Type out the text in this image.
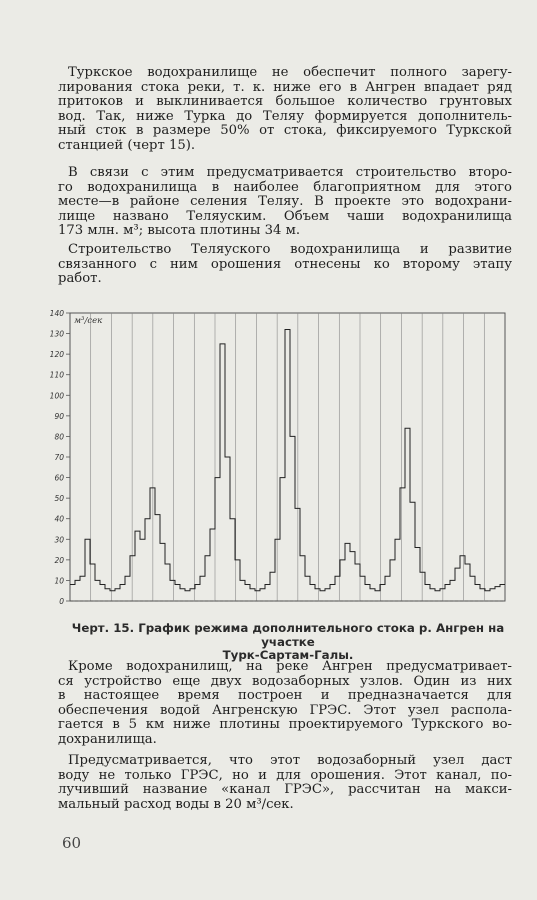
Туркское водохранилище не обеспечит полного зарегу-
лирования стока реки, т. к. ниже его в Ангрен впадает ряд
притоков и выклинивается большое количество грунтовых
вод. Так, ниже Турка до Теляу формируется дополнитель-
ный сток в размере 50% от стока, фиксируемого Туркской
станцией (черт 15).
В связи с этим предусматривается строительство второ-
го водохранилища в наиболее благоприятном для этого
месте—в районе селения Теляу. В проекте это водохрани-
лище названо Теляуским. Объем чаши водохранилища
173 млн. м³; высота плотины 34 м.
Строительство Теляуского водохранилища и развитие
связанного с ним орошения отнесены ко второму этапу
работ.
0
10
20
30
40
50
60
70
80
90
100
110
120
130
140
м³/сек
Черт. 15. График режима дополнительного стока р. Ангрен на участке
Турк-Сартам-Галы.
Кроме водохранилищ, на реке Ангрен предусматривает-
ся устройство еще двух водозаборных узлов. Один из них
в настоящее время построен и предназначается для
обеспечения водой Ангренскую ГРЭС. Этот узел распола-
гается в 5 км ниже плотины проектируемого Туркского во-
дохранилища.
Предусматривается, что этот водозаборный узел даст
воду не только ГРЭС, но и для орошения. Этот канал, по-
лучивший название «канал ГРЭС», рассчитан на макси-
мальный расход воды в 20 м³/сек.
60
